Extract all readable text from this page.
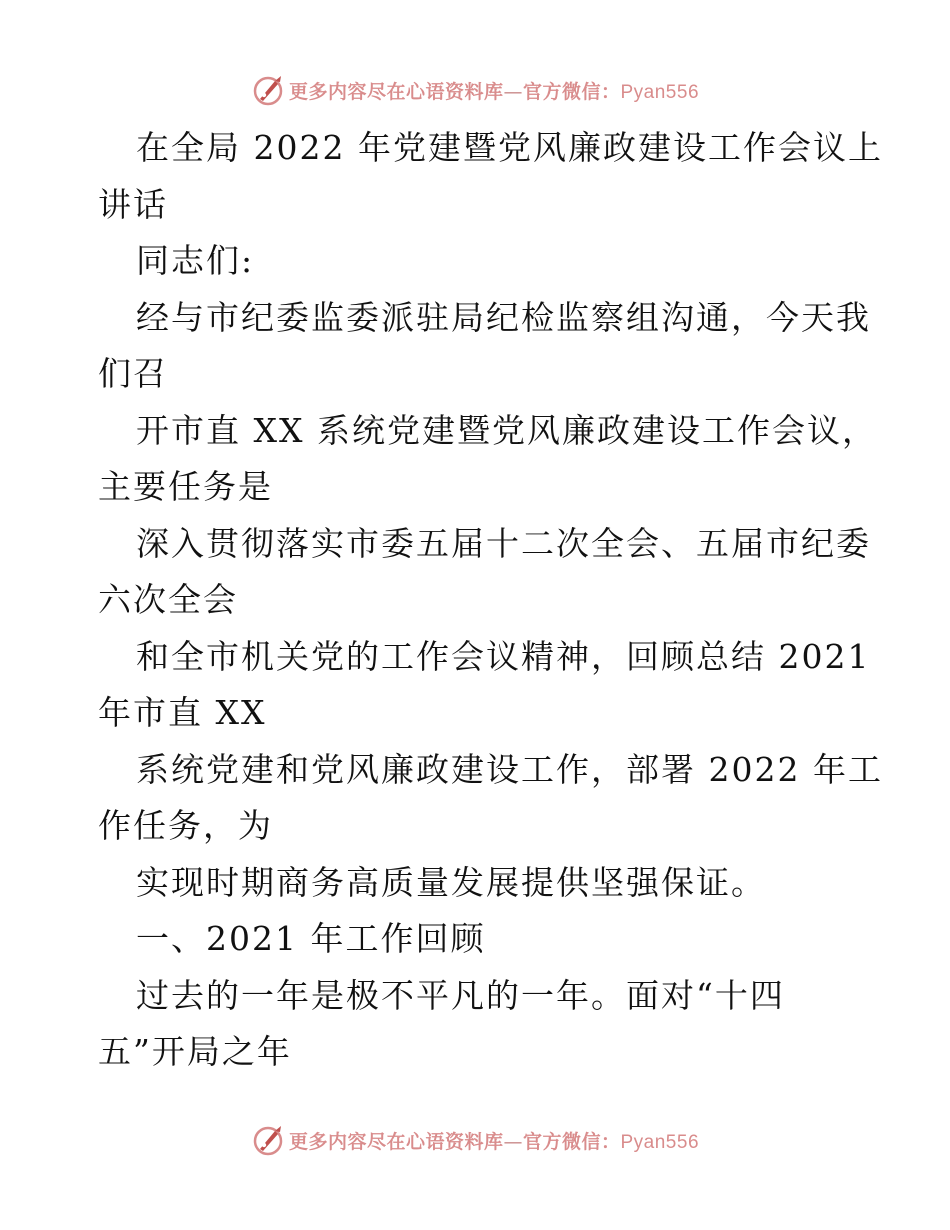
更多内容尽在心语资料库—官方微信：Pyan556
在全局 2022 年党建暨党风廉政建设工作会议上
讲话
同志们:
经与市纪委监委派驻局纪检监察组沟通，今天我
们召
开市直 XX 系统党建暨党风廉政建设工作会议，
主要任务是
深入贯彻落实市委五届十二次全会、五届市纪委
六次全会
和全市机关党的工作会议精神，回顾总结 2021
年市直 XX
系统党建和党风廉政建设工作，部署 2022 年工
作任务，为
实现时期商务高质量发展提供坚强保证。
一、2021 年工作回顾
过去的一年是极不平凡的一年。面对“十四
五”开局之年
更多内容尽在心语资料库—官方微信：Pyan556
